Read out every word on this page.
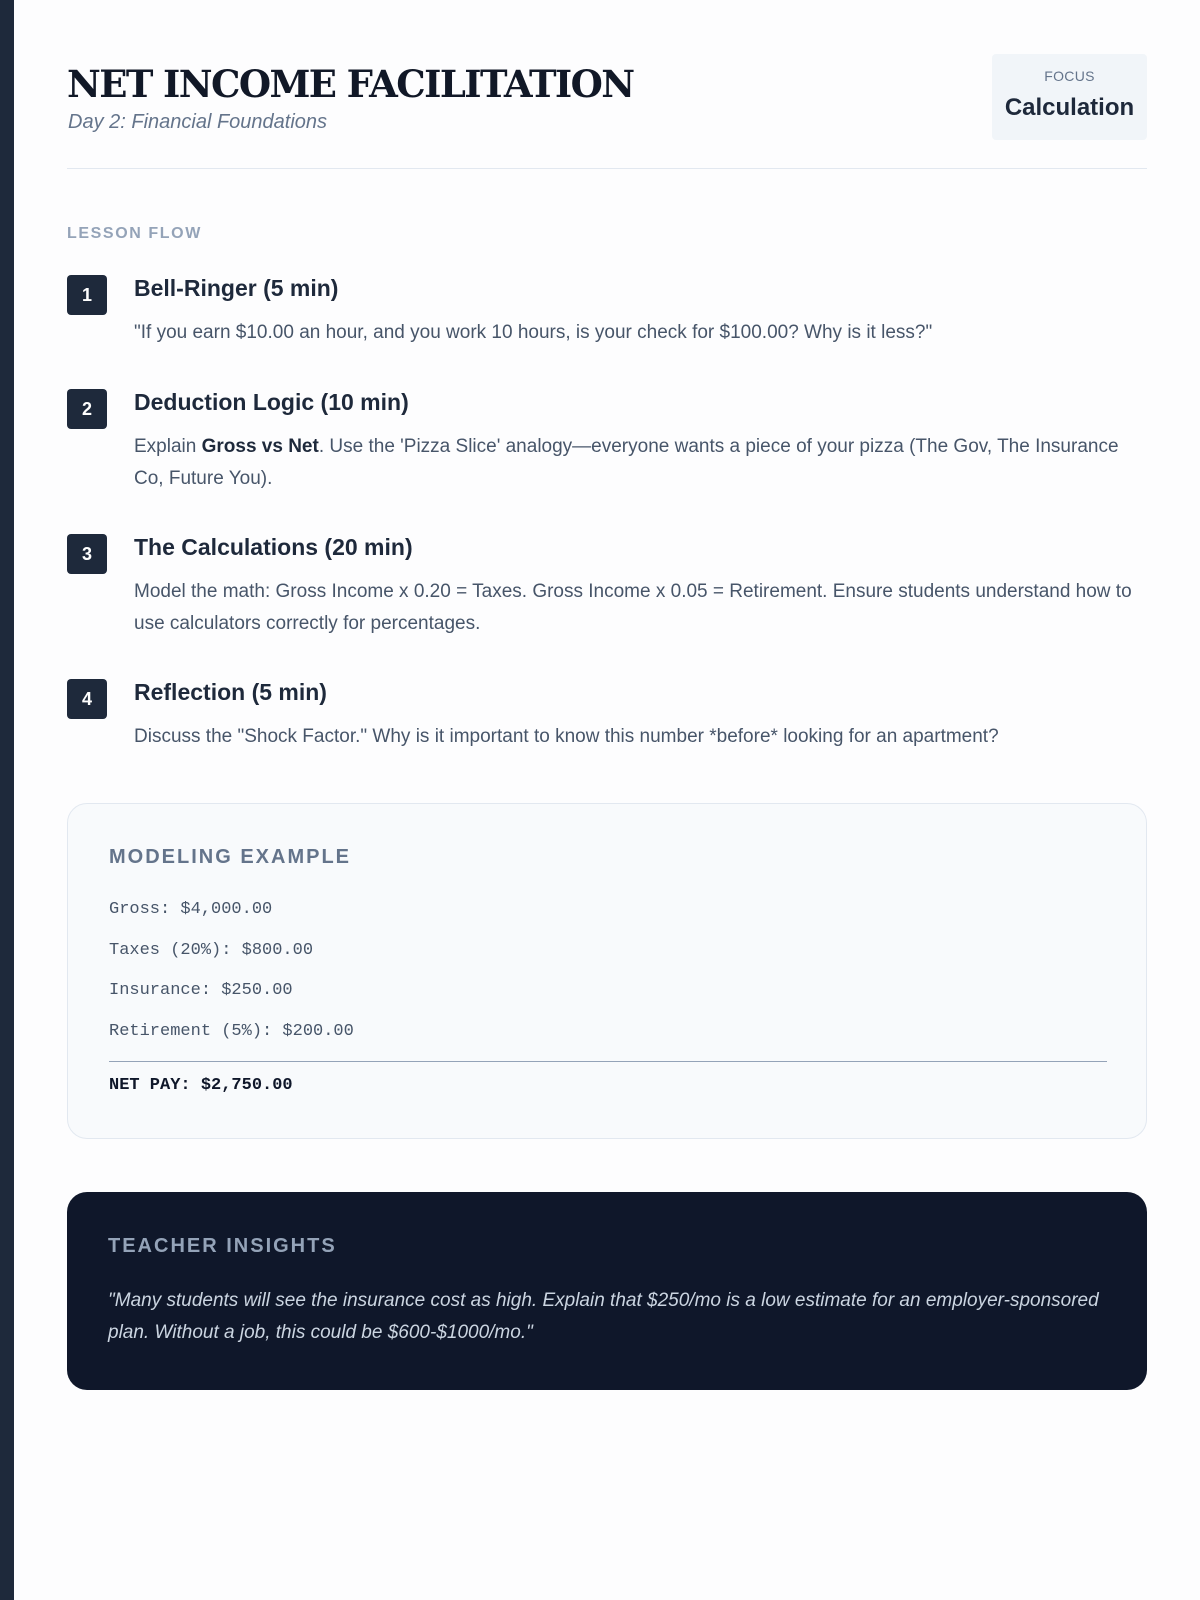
NET INCOME FACILITATION
Day 2: Financial Foundations
FOCUS
Calculation
LESSON FLOW
1	Bell-Ringer (5 min)
"If you earn $10.00 an hour, and you work 10 hours, is your check for $100.00? Why is it less?"
2	Deduction Logic (10 min)
Explain Gross vs Net. Use the 'Pizza Slice' analogy—everyone wants a piece of your pizza (The Gov, The Insurance Co, Future You).
3	The Calculations (20 min)
Model the math: Gross Income x 0.20 = Taxes. Gross Income x 0.05 = Retirement. Ensure students understand how to use calculators correctly for percentages.
4	Reflection (5 min)
Discuss the "Shock Factor." Why is it important to know this number *before* looking for an apartment?
MODELING EXAMPLE
Gross: $4,000.00
Taxes (20%): $800.00
Insurance: $250.00
Retirement (5%): $200.00
NET PAY: $2,750.00
TEACHER INSIGHTS
"Many students will see the insurance cost as high. Explain that $250/mo is a low estimate for an employer-sponsored plan. Without a job, this could be $600-$1000/mo."
